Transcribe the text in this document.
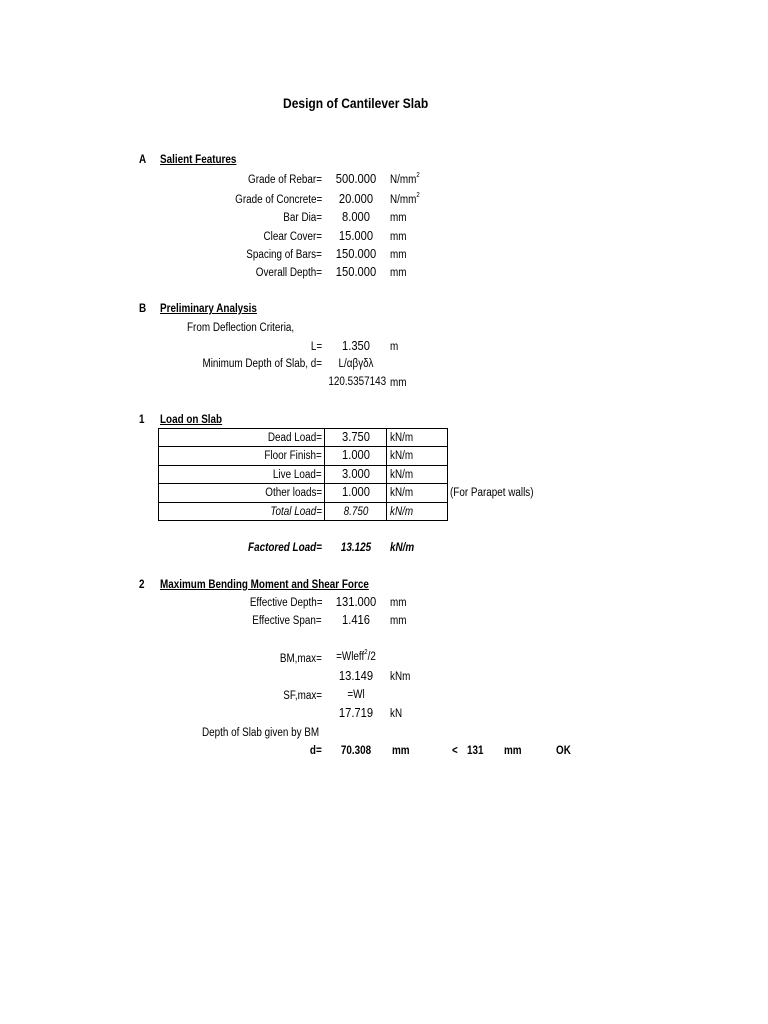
Design of Cantilever Slab
A Salient Features
Grade of Rebar=	500.000	$N/mm^2$
Grade of Concrete=	20.000	$N/mm^2$
Bar Dia=	8.000	mm
Clear Cover=	15.000	mm
Spacing of Bars=	150.000	mm
Overall Depth=	150.000	mm
B Preliminary Analysis
From Deflection Criteria,
L=	1.350	m
Minimum Depth of Slab, d=	L/αβγδλ
120.5357143 mm
1 Load on Slab
Dead Load=	3.750	kN/m
Floor Finish=	1.000	kN/m
Live Load=	3.000	kN/m
Other loads=	1.000	kN/m	(For Parapet walls)
Total Load=	8.750	kN/m
Factored Load=	13.125	kN/m
2 Maximum Bending Moment and Shear Force
Effective Depth=	131.000	mm
Effective Span=	1.416	mm
BM,max=	=Wleff$^2$/2
13.149	kNm
SF,max=	=Wl
17.719	kN
Depth of Slab given by BM
d=	70.308	mm	< 131 mm	OK
